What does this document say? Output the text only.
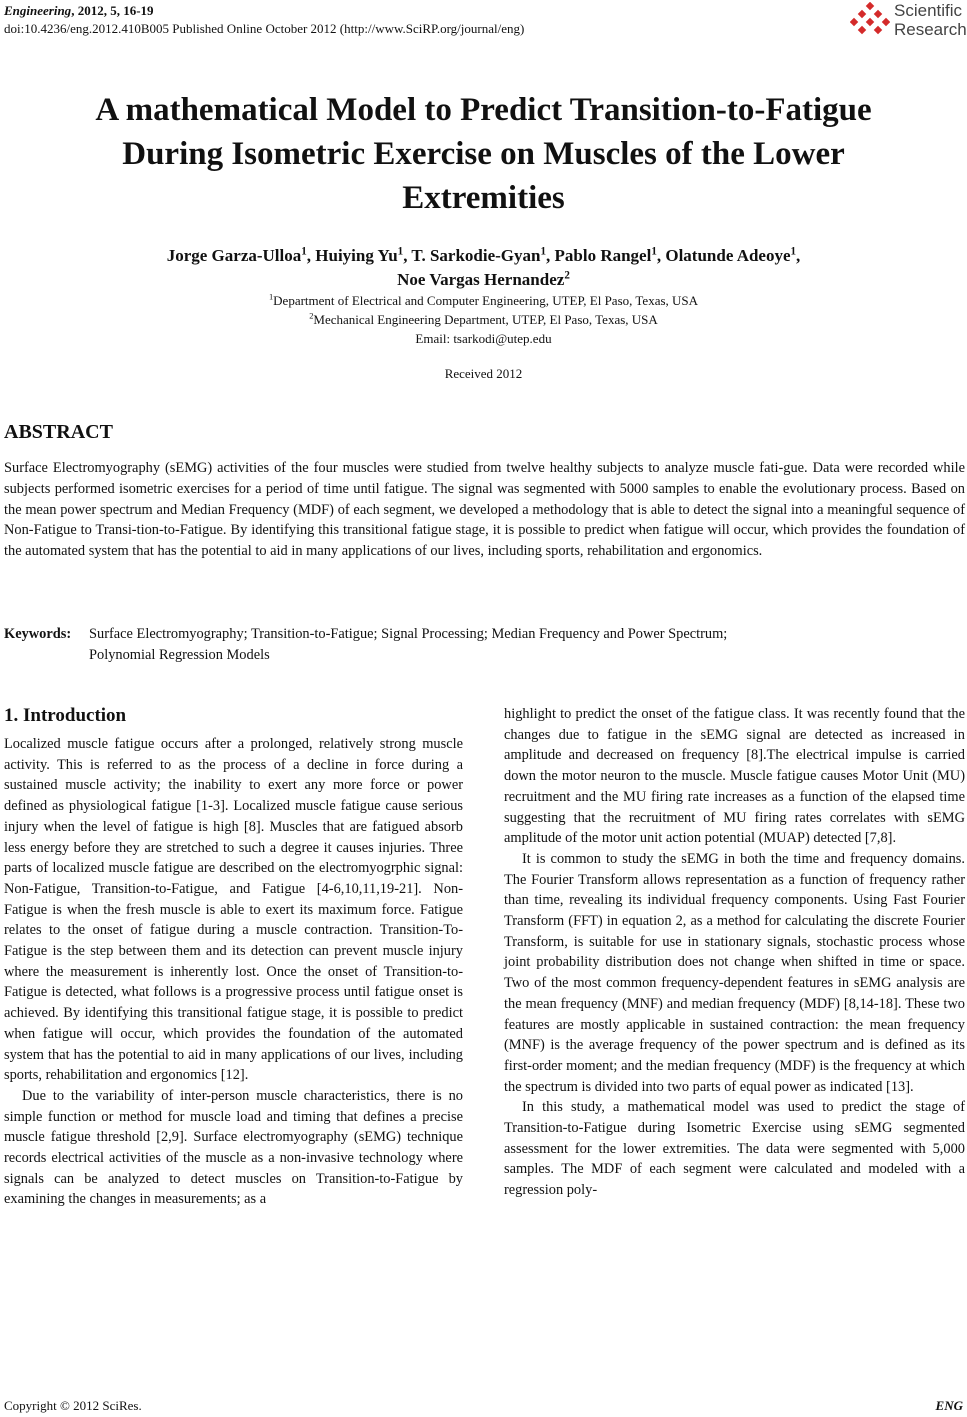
Engineering, 2012, 5, 16-19
doi:10.4236/eng.2012.410B005 Published Online October 2012 (http://www.SciRP.org/journal/eng)
Scientific
Research
A mathematical Model to Predict Transition-to-Fatigue
During Isometric Exercise on Muscles of the Lower
Extremities
Jorge Garza-Ulloa$^1$, Huiying Yu$^1$, T. Sarkodie-Gyan$^1$, Pablo Rangel$^1$, Olatunde Adeoye$^1$,
Noe Vargas Hernandez$^2$
$^1$Department of Electrical and Computer Engineering, UTEP, El Paso, Texas, USA
$^2$Mechanical Engineering Department, UTEP, El Paso, Texas, USA
Email: tsarkodi@utep.edu
Received 2012
ABSTRACT
Surface Electromyography (sEMG) activities of the four muscles were studied from twelve healthy subjects to analyze muscle fati-gue. Data were recorded while subjects performed isometric exercises for a period of time until fatigue. The signal was segmented with 5000 samples to enable the evolutionary process. Based on the mean power spectrum and Median Frequency (MDF) of each segment, we developed a methodology that is able to detect the signal into a meaningful sequence of Non-Fatigue to Transi-tion-to-Fatigue. By identifying this transitional fatigue stage, it is possible to predict when fatigue will occur, which provides the foundation of the automated system that has the potential to aid in many applications of our lives, including sports, rehabilitation and ergonomics.
Keywords: Surface Electromyography; Transition-to-Fatigue; Signal Processing; Median Frequency and Power Spectrum;
Polynomial Regression Models
1. Introduction

Localized muscle fatigue occurs after a prolonged, relatively strong muscle activity. This is referred to as the process of a decline in force during a sustained muscle activity; the inability to exert any more force or power defined as physiological fatigue [1-3]. Localized muscle fatigue cause serious injury when the level of fatigue is high [8]. Muscles that are fatigued absorb less energy before they are stretched to such a degree it causes injuries. Three parts of localized muscle fatigue are described on the electromyogrphic signal: Non-Fatigue, Transition-to-Fatigue, and Fatigue [4-6,10,11,19-21]. Non-Fatigue is when the fresh muscle is able to exert its maximum force. Fatigue relates to the onset of fatigue during a muscle contraction. Transition-To-Fatigue is the step between them and its detection can prevent muscle injury where the measurement is inherently lost. Once the onset of Transition-to-Fatigue is detected, what follows is a progressive process until fatigue onset is achieved. By identifying this transitional fatigue stage, it is possible to predict when fatigue will occur, which provides the foundation of the automated system that has the potential to aid in many applications of our lives, including sports, rehabilitation and ergonomics [12].

Due to the variability of inter-person muscle characteristics, there is no simple function or method for muscle load and timing that defines a precise muscle fatigue threshold [2,9]. Surface electromyography (sEMG) technique records electrical activities of the muscle as a non-invasive technology where signals can be analyzed to detect muscles on Transition-to-Fatigue by examining the changes in measurements; as a

highlight to predict the onset of the fatigue class. It was recently found that the changes due to fatigue in the sEMG signal are detected as increased in amplitude and decreased on frequency [8].The electrical impulse is carried down the motor neuron to the muscle. Muscle fatigue causes Motor Unit (MU) recruitment and the MU firing rate increases as a function of the elapsed time suggesting that the recruitment of MU firing rates correlates with sEMG amplitude of the motor unit action potential (MUAP) detected [7,8].

It is common to study the sEMG in both the time and frequency domains. The Fourier Transform allows representation as a function of frequency rather than time, revealing its individual frequency components. Using Fast Fourier Transform (FFT) in equation 2, as a method for calculating the discrete Fourier Transform, is suitable for use in stationary signals, stochastic process whose joint probability distribution does not change when shifted in time or space. Two of the most common frequency-dependent features in sEMG analysis are the mean frequency (MNF) and median frequency (MDF) [8,14-18]. These two features are mostly applicable in sustained contraction: the mean frequency (MNF) is the average frequency of the power spectrum and is defined as its first-order moment; and the median frequency (MDF) is the frequency at which the spectrum is divided into two parts of equal power as indicated [13].

In this study, a mathematical model was used to predict the stage of Transition-to-Fatigue during Isometric Exercise using sEMG segmented assessment for the lower extremities. The data were segmented with 5,000 samples. The MDF of each segment were calculated and modeled with a regression poly-

Copyright © 2012 SciRes.	ENG
